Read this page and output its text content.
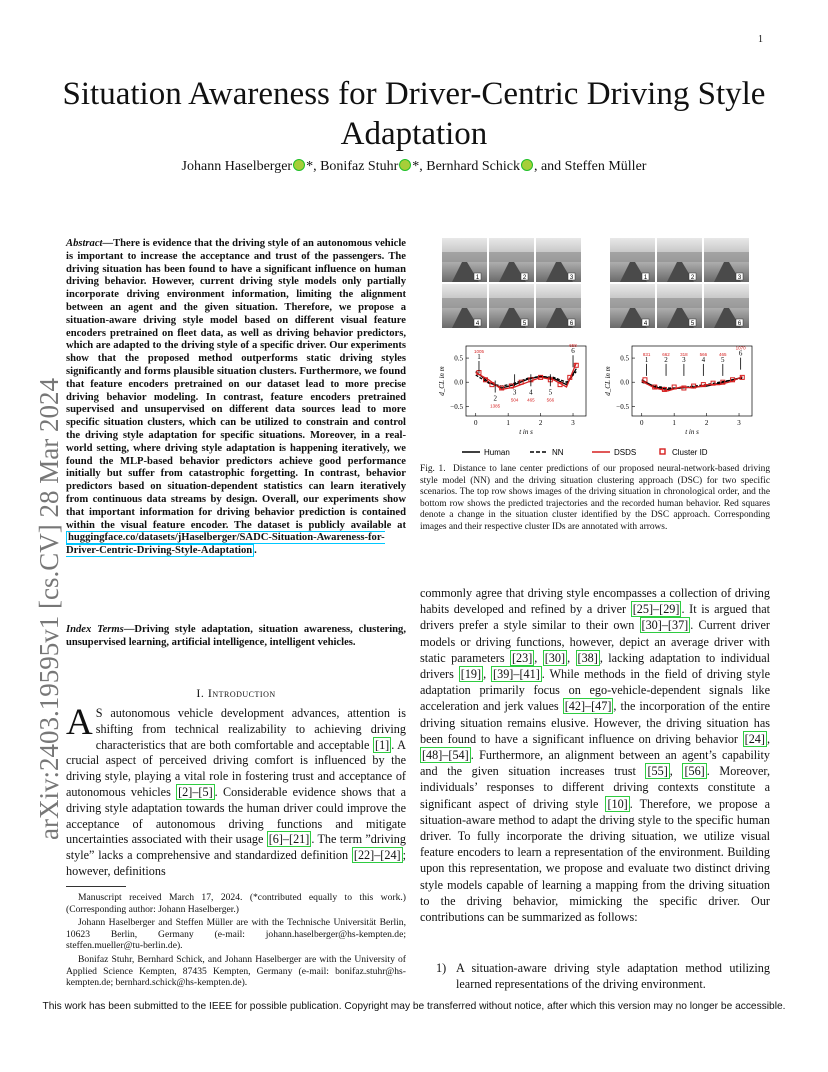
1
arXiv:2403.19595v1 [cs.CV] 28 Mar 2024
Situation Awareness for Driver-Centric Driving Style Adaptation
Johann Haselberger *, Bonifaz Stuhr *, Bernhard Schick , and Steffen Müller
Abstract—There is evidence that the driving style of an autonomous vehicle is important to increase the acceptance and trust of the passengers. The driving situation has been found to have a significant influence on human driving behavior. However, current driving style models only partially incorporate driving environment information, limiting the alignment between an agent and the given situation. Therefore, we propose a situation-aware driving style model based on different visual feature encoders pretrained on fleet data, as well as driving behavior predictors, which are adapted to the driving style of a specific driver. Our experiments show that the proposed method outperforms static driving styles significantly and forms plausible situation clusters. Furthermore, we found that feature encoders pretrained on our dataset lead to more precise driving behavior modeling. In contrast, feature encoders pretrained supervised and unsupervised on different data sources lead to more specific situation clusters, which can be utilized to constrain and control the driving style adaptation for specific situations. Moreover, in a real-world setting, where driving style adaptation is happening iteratively, we found the MLP-based behavior predictors achieve good performance initially but suffer from catastrophic forgetting. In contrast, behavior predictors based on situation-dependent statistics can learn iteratively from continuous data streams by design. Overall, our experiments show that important information for driving behavior prediction is contained within the visual feature encoder. The dataset is publicly available at huggingface.co/datasets/jHaselberger/SADC-Situation-Awareness-for-Driver-Centric-Driving-Style-Adaptation .
Index Terms—Driving style adaptation, situation awareness, clustering, unsupervised learning, artificial intelligence, intelligent vehicles.
I. Introduction
A S autonomous vehicle development advances, attention is shifting from technical realizability to achieving driving characteristics that are both comfortable and acceptable [1] . A crucial aspect of perceived driving comfort is influenced by the driving style, playing a vital role in fostering trust and acceptance of autonomous vehicles [2]–[5] . Considerable evidence shows that a driving style adaptation towards the human driver could improve the acceptance of autonomous driving functions and mitigate uncertainties associated with their usage [6]–[21] . The term ”driving style” lacks a comprehensive and standardized definition [22]–[24] ; however, definitions

Manuscript received March 17, 2024. (*contributed equally to this work.) (Corresponding author: Johann Haselberger.)

Johann Haselberger and Steffen Müller are with the Technische Universität Berlin, 10623 Berlin, Germany (e-mail: johann.haselberger@hs-kempten.de; steffen.mueller@tu-berlin.de).

Bonifaz Stuhr, Bernhard Schick, and Johann Haselberger are with the University of Applied Science Kempten, 87435 Kempten, Germany (e-mail: bonifaz.stuhr@hs-kempten.de; bernhard.schick@hs-kempten.de).

1	2	3
4	5	6
1	2	3
4	5	6
0.5
0.0
−0.5
0	1	2	3
t in s
d_CL in m
1
1005
2
1385
3
504
4
465
5
566
6
658
0.5
0.0
−0.5
0	1	2	3
t in s
d_CL in m
1
831
2
662
3
318
4
566
5
465 6
1070
Human	NN	DSDS	Cluster ID
Fig. 1. Distance to lane center predictions of our proposed neural-network-based driving style model (NN) and the driving situation clustering approach (DSC) for two specific scenarios. The top row shows images of the driving situation in chronological order, and the bottom row shows the predicted trajectories and the recorded human behavior. Red squares denote a change in the situation cluster identified by the DSC approach. Corresponding images and their respective cluster IDs are annotated with arrows.
commonly agree that driving style encompasses a collection of driving habits developed and refined by a driver [25]–[29] . It is argued that drivers prefer a style similar to their own [30]–[37] . Current driver models or driving functions, however, depict an average driver with static parameters [23] , [30] , [38] , lacking adaptation to individual drivers [19] , [39]–[41] . While methods in the field of driving style adaptation primarily focus on ego-vehicle-dependent signals like acceleration and jerk values [42]–[47] , the incorporation of the entire driving situation remains elusive. However, the driving situation has been found to have a significant influence on driving behavior [24] , [48]–[54] . Furthermore, an alignment between an agent’s capability and the given situation increases trust [55] , [56] . Moreover, individuals’ responses to different driving contexts constitute a significant aspect of driving style [10] . Therefore, we propose a situation-aware method to adapt the driving style to the specific human driver. To fully incorporate the driving situation, we utilize visual feature encoders to learn a representation of the environment. Building upon this representation, we propose and evaluate two distinct driving style models capable of learning a mapping from the driving situation to the driving behavior, mimicking the specific driver. Our contributions can be summarized as follows:
1) A situation-aware driving style adaptation method utilizing learned representations of the driving environment.
This work has been submitted to the IEEE for possible publication. Copyright may be transferred without notice, after which this version may no longer be accessible.
